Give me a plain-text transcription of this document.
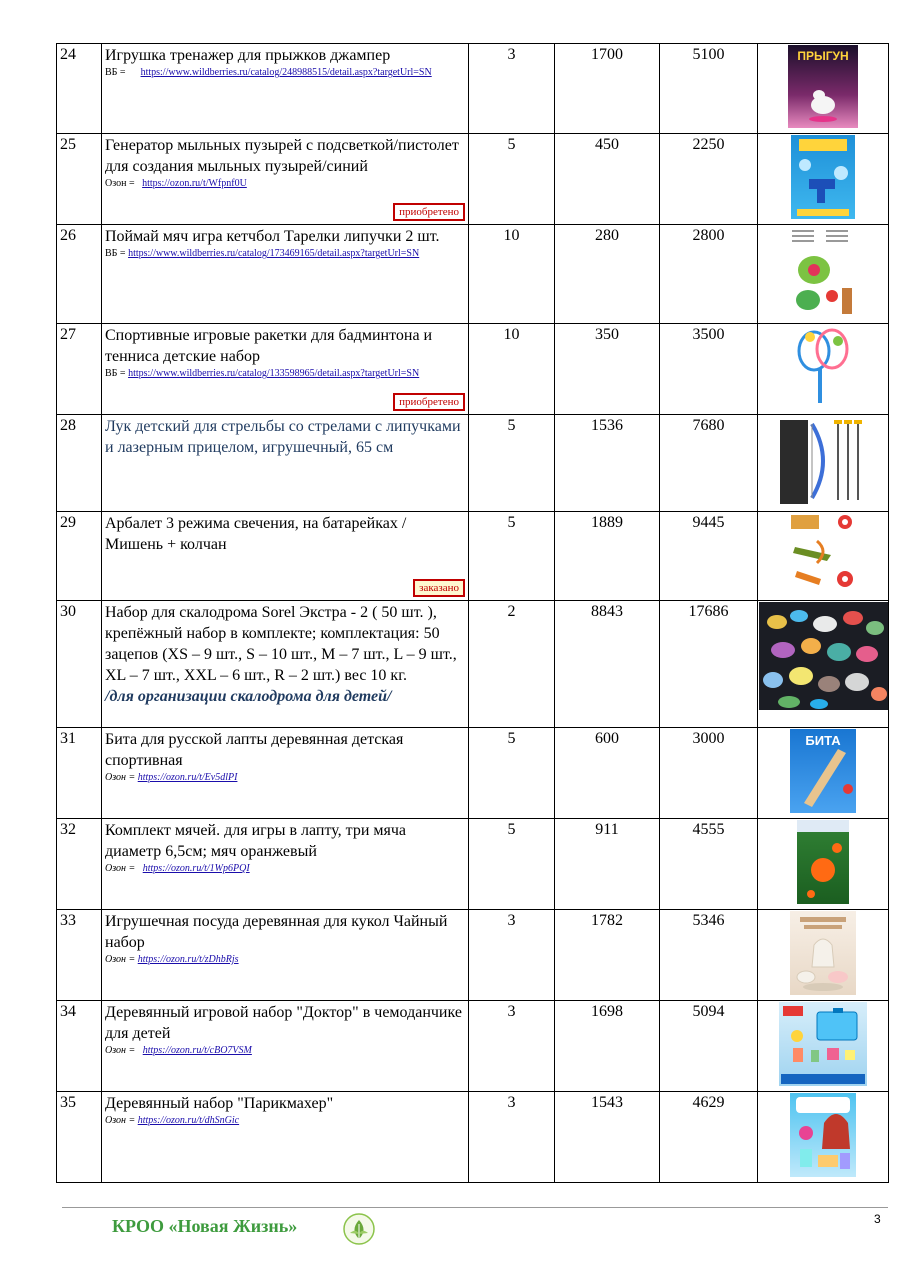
24	Игрушка тренажер для прыжков джампер
ВБ = https://www.wildberries.ru/catalog/248988515/detail.aspx?targetUrl=SN	3	1700	5100	ПРЫГУН

25	Генератор мыльных пузырей с подсветкой/пистолет для создания мыльных пузырей/синий
Озон = https://ozon.ru/t/Wfpnf0U
приобретено	5	450	2250	

26	Поймай мяч игра кетчбол Тарелки липучки 2 шт.
ВБ = https://www.wildberries.ru/catalog/173469165/detail.aspx?targetUrl=SN	10	280	2800	

27	Спортивные игровые ракетки для бадминтона и тенниса детские набор
ВБ = https://www.wildberries.ru/catalog/133598965/detail.aspx?targetUrl=SN
приобретено	10	350	3500	

28	Лук детский для стрельбы со стрелами с липучками и лазерным прицелом, игрушечный, 65 см	5	1536	7680	

29	Арбалет 3 режима свечения, на батарейках / Мишень + колчан
заказано	5	1889	9445	

30	Набор для скалодрома Sorel Экстра - 2 ( 50 шт. ), крепёжный набор в комплекте; комплектация: 50 зацепов (XS – 9 шт., S – 10 шт., M – 7 шт., L – 9 шт., XL – 7 шт., XXL – 6 шт., R – 2 шт.) вес 10 кг.
/для организации скалодрома для детей/	2	8843	17686	

31	Бита для русской лапты деревянная детская спортивная
Озон = https://ozon.ru/t/Ev5dlPI	5	600	3000	БИТА

32	Комплект мячей. для игры в лапту, три мяча диаметр 6,5см; мяч оранжевый
Озон = https://ozon.ru/t/1Wp6PQI	5	911	4555	

33	Игрушечная посуда деревянная для кукол Чайный набор
Озон = https://ozon.ru/t/zDhbRjs	3	1782	5346	

34	Деревянный игровой набор "Доктор" в чемоданчике для детей
Озон = https://ozon.ru/t/cBO7VSM	3	1698	5094	

35	Деревянный набор "Парикмахер"
Озон = https://ozon.ru/t/dhSnGic	3	1543	4629	
КРОО «Новая Жизнь»	3
